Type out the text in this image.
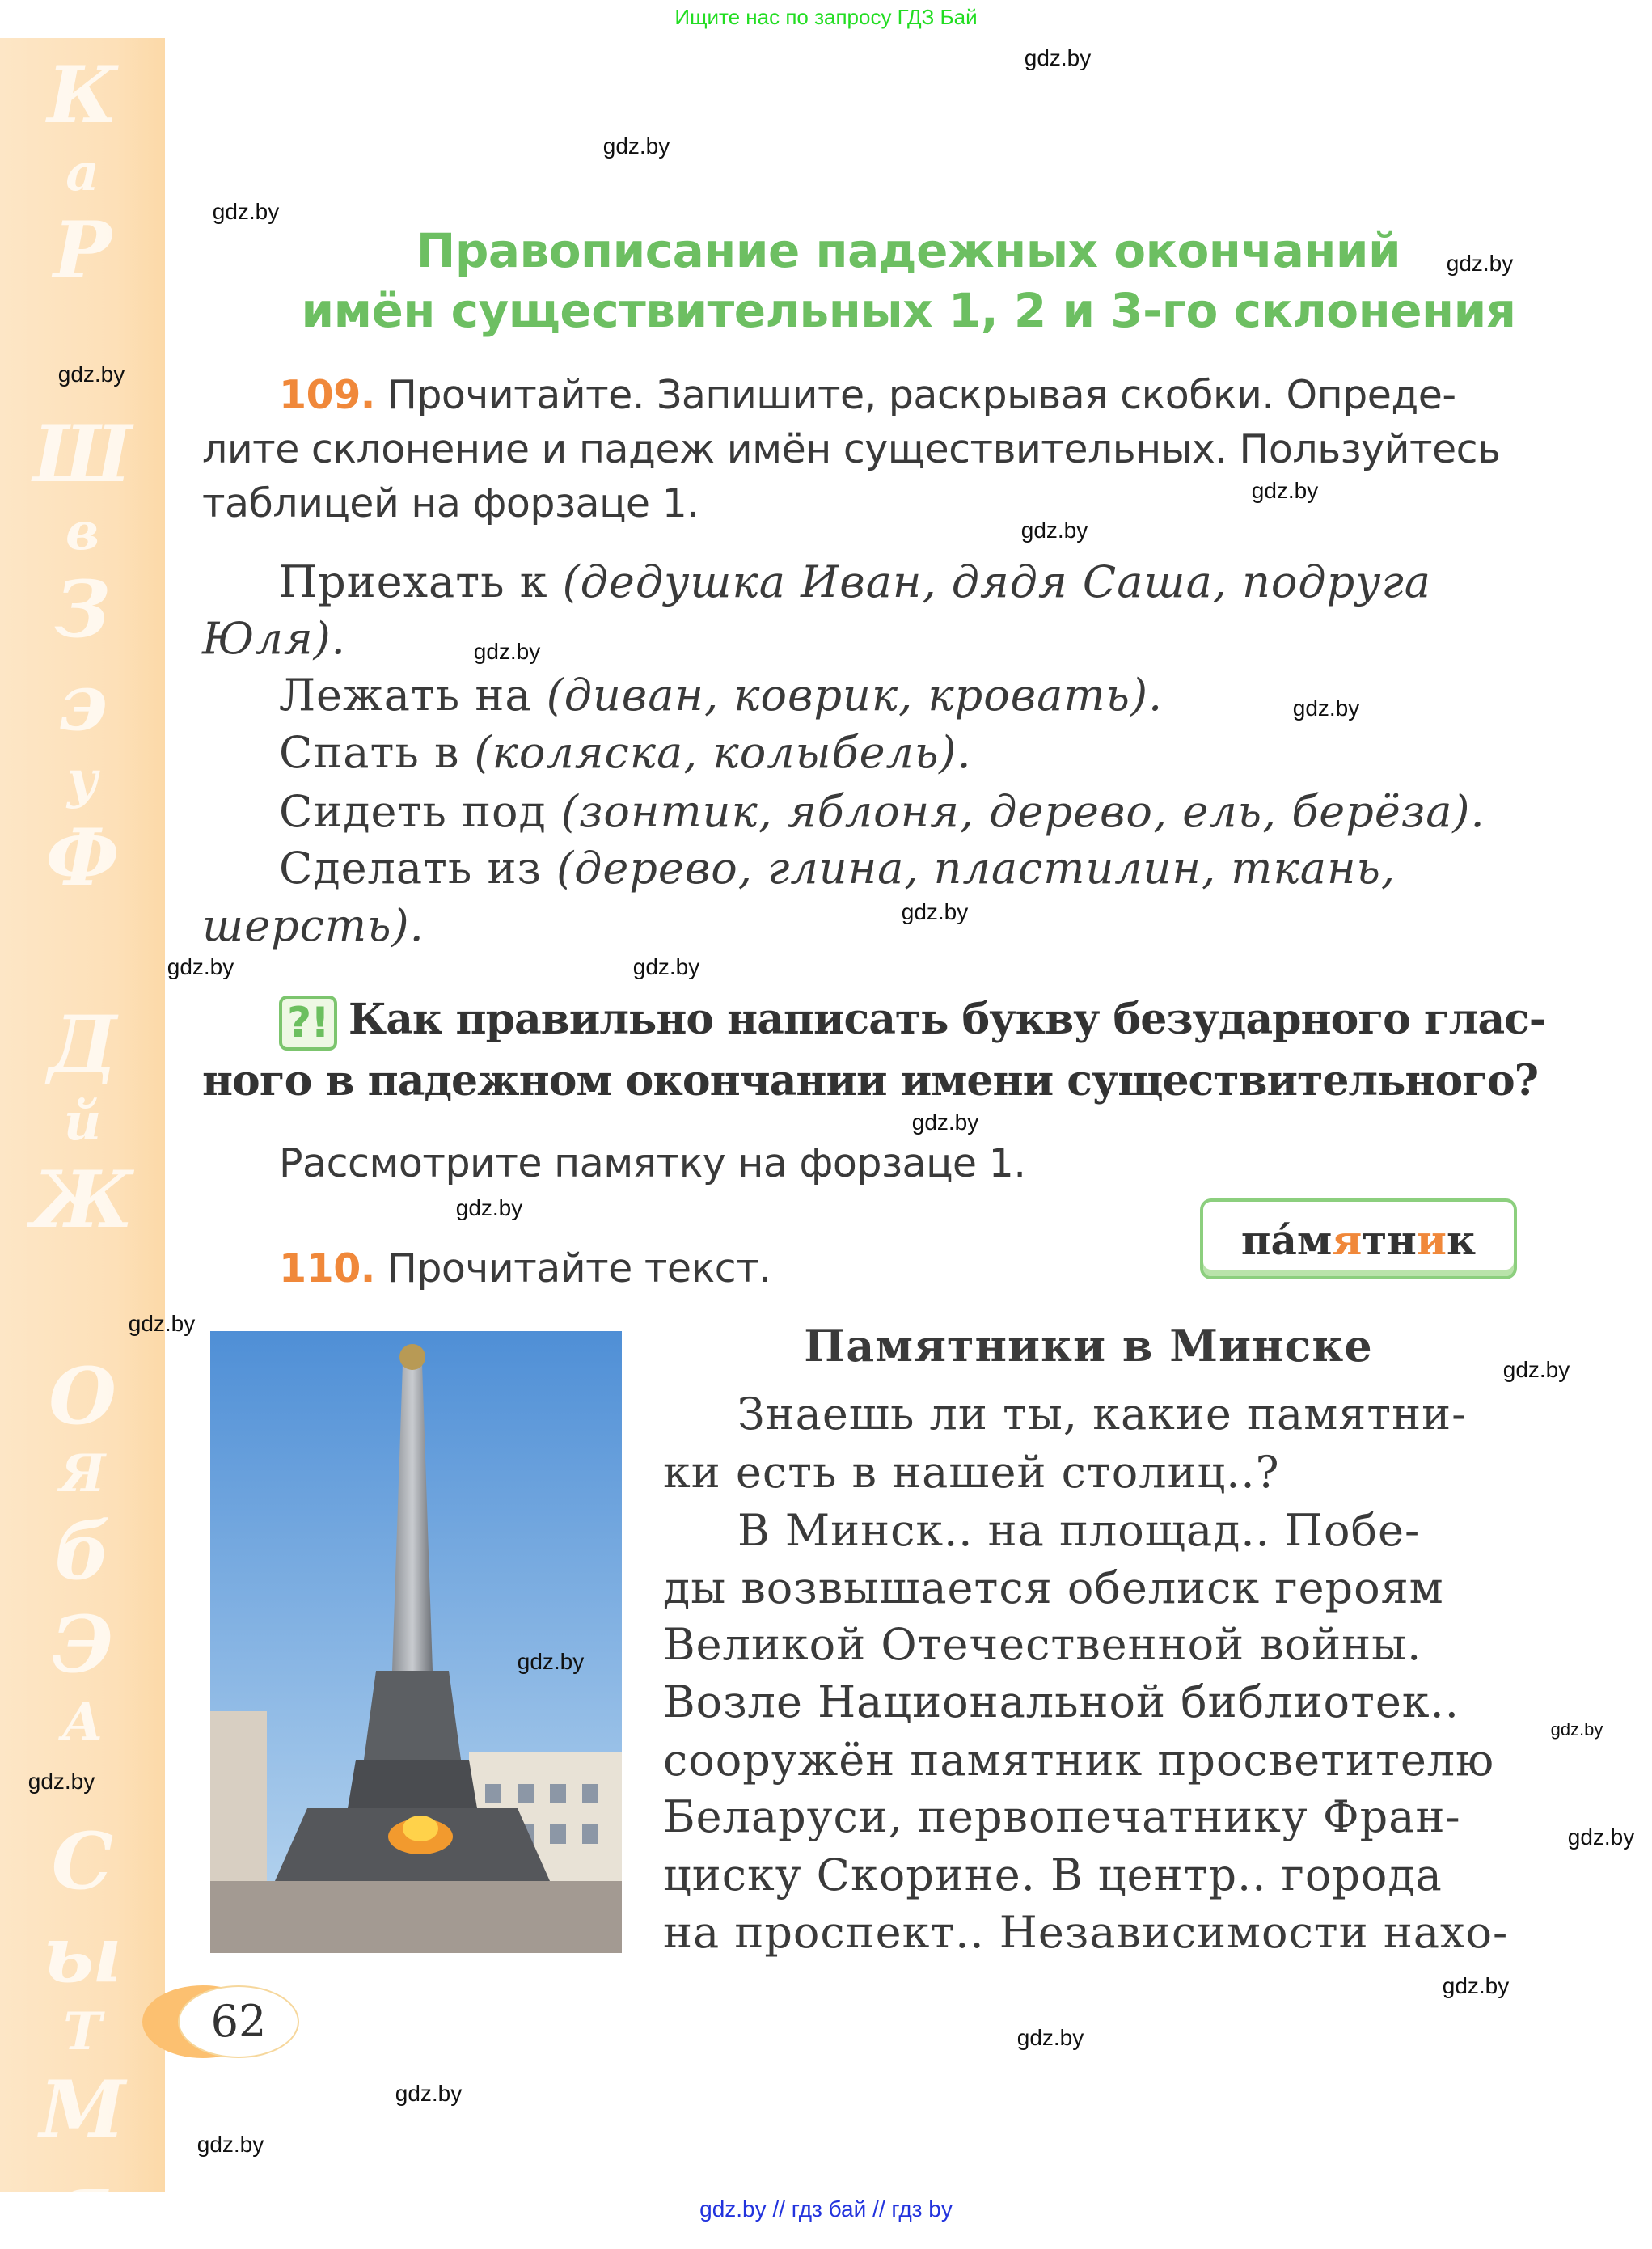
Ищите нас по запросу ГДЗ Бай
К
а
Р
Ш
в
З
э
у
Ф
Д
й
Ж
О
Я
б
Э
А
С
ы
Т
М
я
Правописание падежных окончаний
имён существительных 1, 2 и 3-го склонения
109. Прочитайте. Запишите, раскрывая скобки. Опреде-
лите склонение и падеж имён существительных. Пользуйтесь
таблицей на форзаце 1.
Приехать к (дедушка Иван, дядя Саша, подруга
Юля).
Лежать на (диван, коврик, кровать).
Спать в (коляска, колыбель).
Сидеть под (зонтик, яблоня, дерево, ель, берёза).
Сделать из (дерево, глина, пластилин, ткань,
шерсть).
?! Как правильно написать букву безударного глас-
ного в падежном окончании имени существительного?
Рассмотрите памятку на форзаце 1.
па́мятник
110. Прочитайте текст.
Памятники в Минске
Знаешь ли ты, какие памятни-
ки есть в нашей столиц..?
В Минск.. на площад.. Побе-
ды возвышается обелиск героям
Великой Отечественной войны.
Возле Национальной библиотек..
сооружён памятник просветителю
Беларуси, первопечатнику Фран-
циску Скорине. В центр.. города
на проспект.. Независимости нахо-
62
gdz.by
gdz.by
gdz.by
gdz.by
gdz.by
gdz.by
gdz.by
gdz.by
gdz.by
gdz.by
gdz.by
gdz.by
gdz.by
gdz.by
gdz.by
gdz.by
gdz.by
gdz.by
gdz.by
gdz.by
gdz.by
gdz.by
gdz.by
gdz.by
gdz.by // гдз бай // гдз by
